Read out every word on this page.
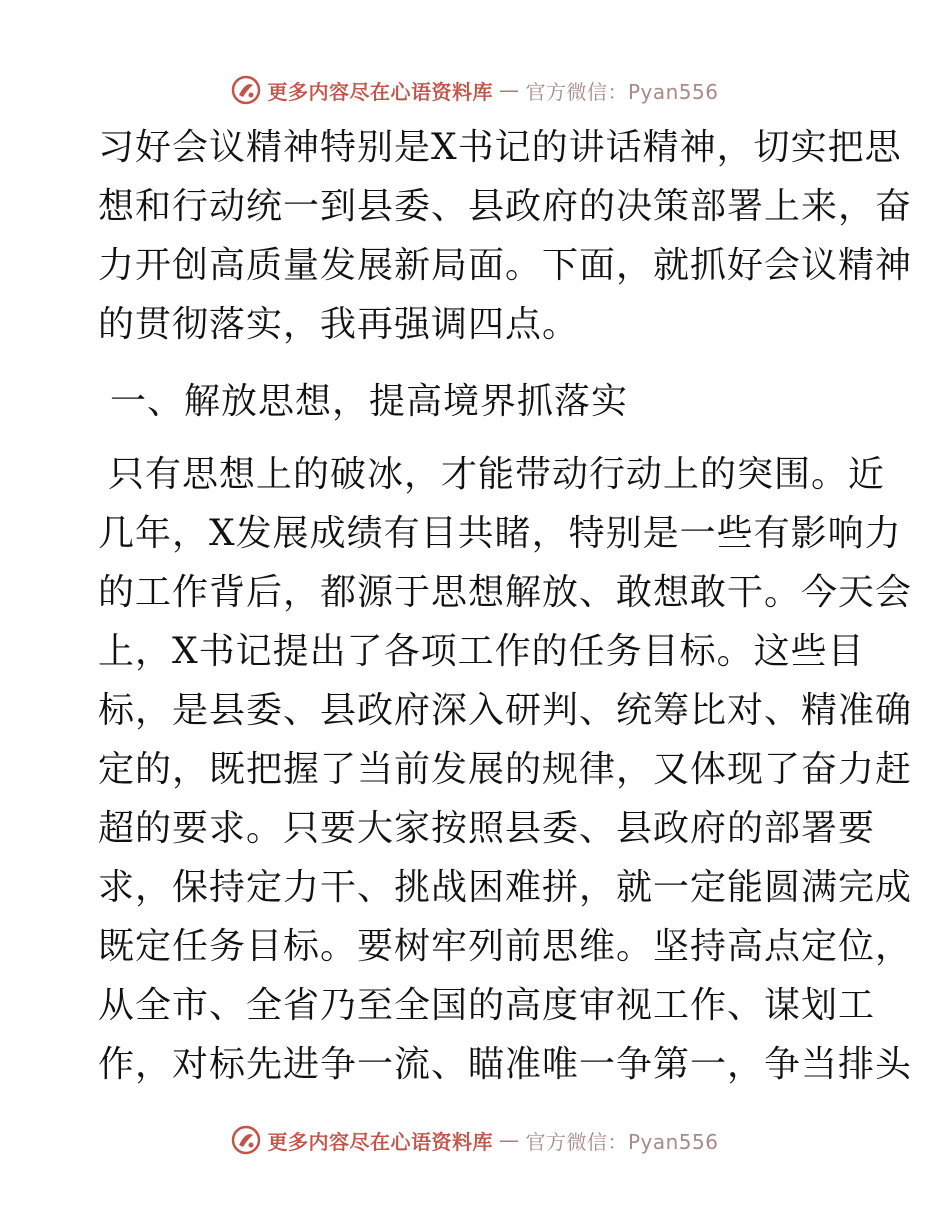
更多内容尽在心语资料库 — 官方微信：Pyan556
习好会议精神特别是X书记的讲话精神，切实把思
想和行动统一到县委、县政府的决策部署上来，奋
力开创高质量发展新局面。下面，就抓好会议精神
的贯彻落实，我再强调四点。
一、解放思想，提高境界抓落实
只有思想上的破冰，才能带动行动上的突围。近
几年，X发展成绩有目共睹，特别是一些有影响力
的工作背后，都源于思想解放、敢想敢干。今天会
上，X书记提出了各项工作的任务目标。这些目
标，是县委、县政府深入研判、统筹比对、精准确
定的，既把握了当前发展的规律，又体现了奋力赶
超的要求。只要大家按照县委、县政府的部署要
求，保持定力干、挑战困难拼，就一定能圆满完成
既定任务目标。要树牢列前思维。坚持高点定位，
从全市、全省乃至全国的高度审视工作、谋划工
作，对标先进争一流、瞄准唯一争第一，争当排头
更多内容尽在心语资料库 — 官方微信：Pyan556
